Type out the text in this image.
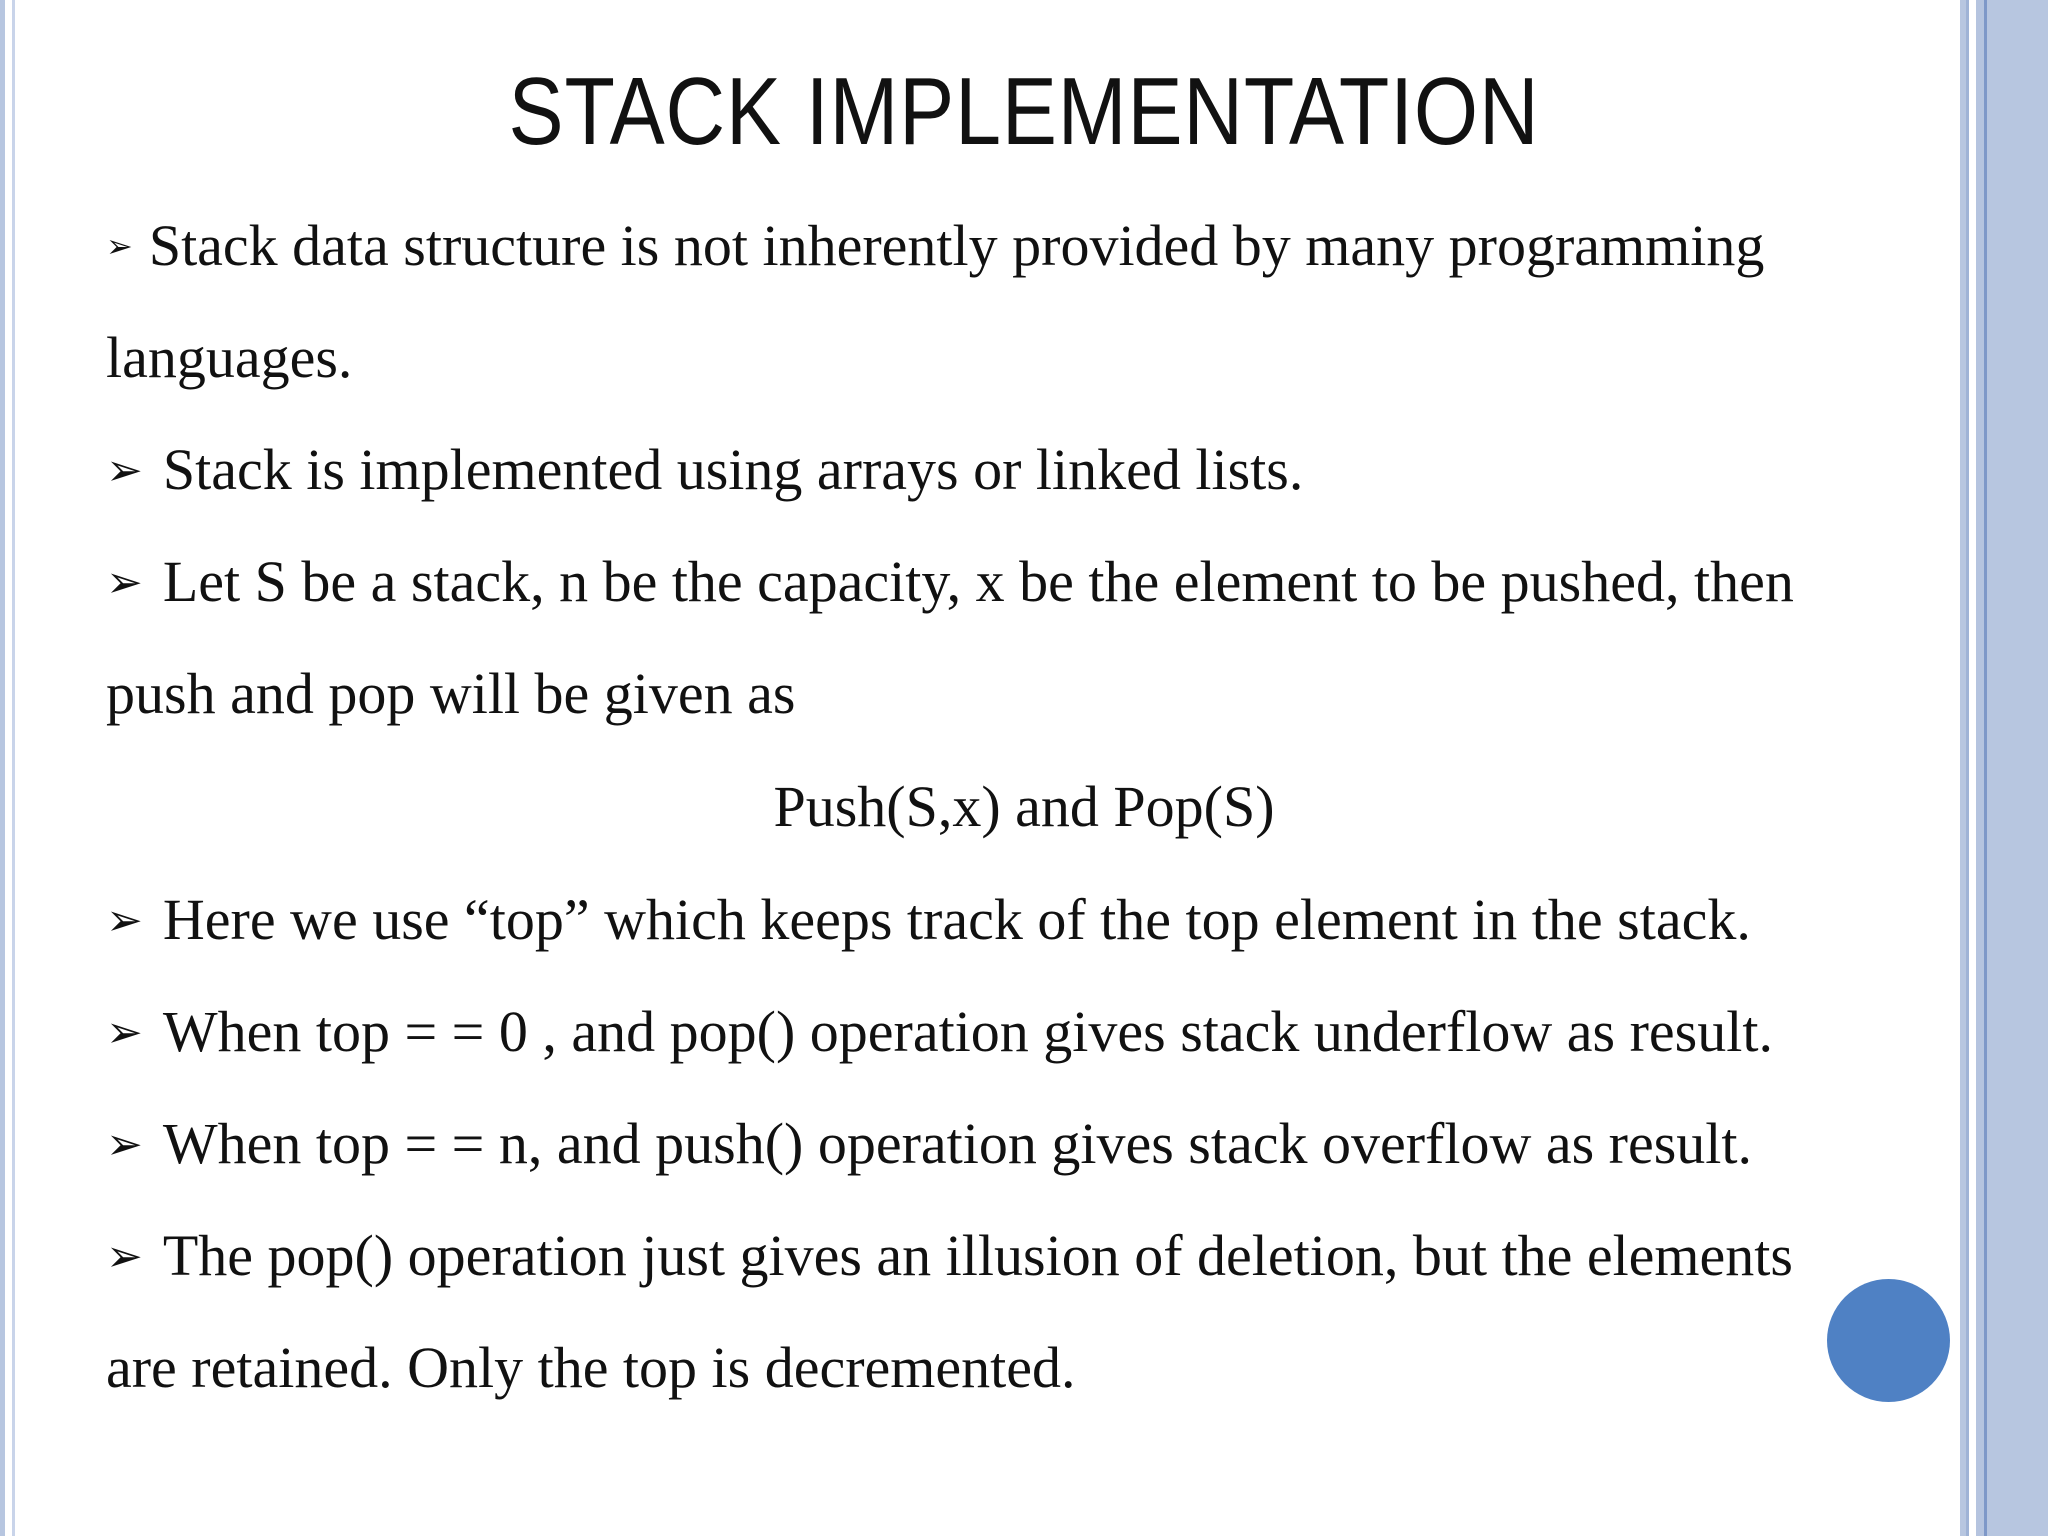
STACK IMPLEMENTATION
➢ Stack data structure is not inherently provided by many programming
languages.
➢ Stack is implemented using arrays or linked lists.
➢ Let S be a stack, n be the capacity, x be the element to be pushed, then
push and pop will be given as
Push(S,x) and Pop(S)
➢ Here we use “top” which keeps track of the top element in the stack.
➢ When top = = 0 , and pop() operation gives stack underflow as result.
➢ When top = = n, and push() operation gives stack overflow as result.
➢ The pop() operation just gives an illusion of deletion, but the elements
are retained. Only the top is decremented.
